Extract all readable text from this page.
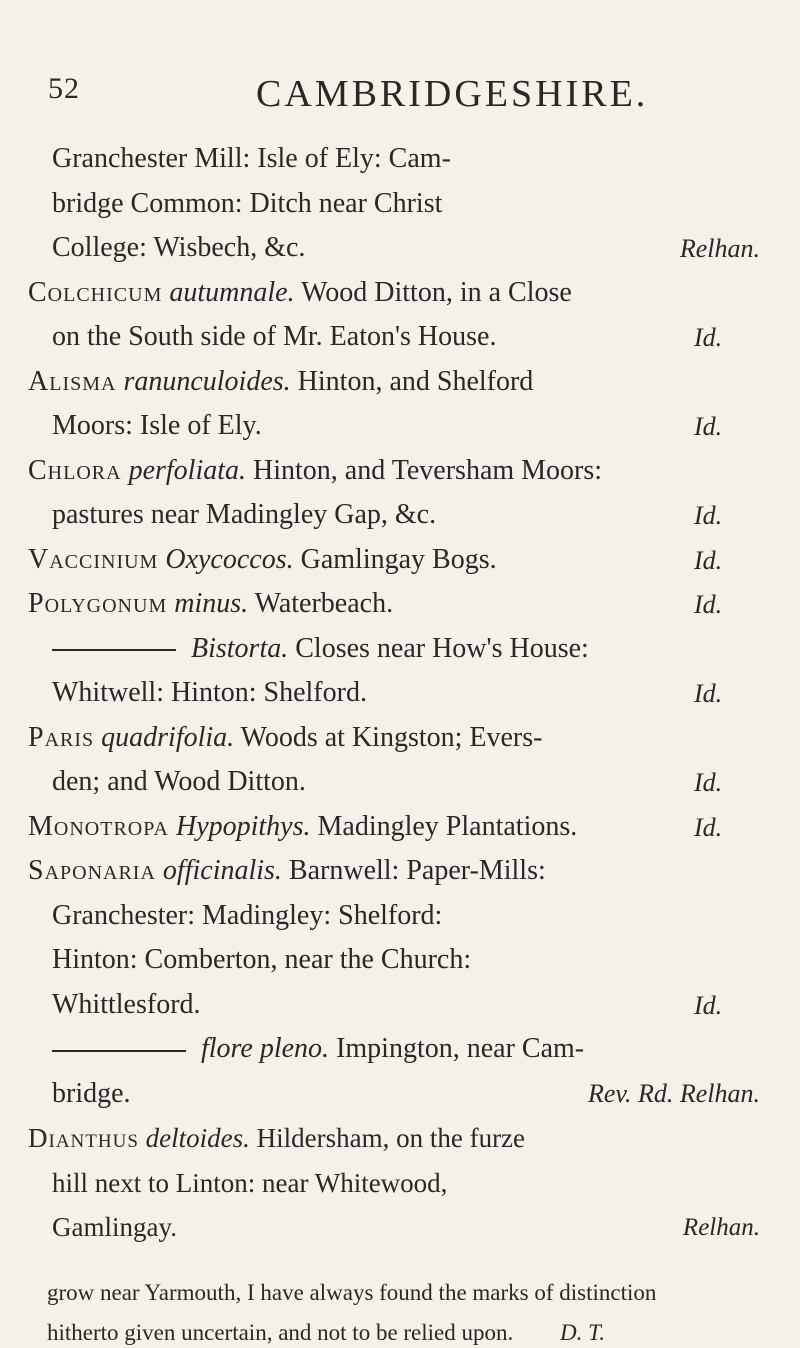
52	CAMBRIDGESHIRE.
Granchester Mill: Isle of Ely: Cam-
bridge Common: Ditch near Christ
College: Wisbech, &c.	Relhan.
Colchicum autumnale. Wood Ditton, in a Close
on the South side of Mr. Eaton's House.	Id.
Alisma ranunculoides. Hinton, and Shelford
Moors: Isle of Ely.	Id.
Chlora perfoliata. Hinton, and Teversham Moors:
pastures near Madingley Gap, &c.	Id.
Vaccinium Oxycoccos. Gamlingay Bogs.	Id.
Polygonum minus. Waterbeach.	Id.
Bistorta. Closes near How's House:
Whitwell: Hinton: Shelford.	Id.
Paris quadrifolia. Woods at Kingston; Evers-
den; and Wood Ditton.	Id.
Monotropa Hypopithys. Madingley Plantations.	Id.
Saponaria officinalis. Barnwell: Paper-Mills:
Granchester: Madingley: Shelford:
Hinton: Comberton, near the Church:
Whittlesford.	Id.
flore pleno. Impington, near Cam-
bridge.	Rev. Rd. Relhan.
Dianthus deltoides. Hildersham, on the furze
hill next to Linton: near Whitewood,
Gamlingay.	Relhan.
grow near Yarmouth, I have always found the marks of distinction
hitherto given uncertain, and not to be relied upon. D. T.
